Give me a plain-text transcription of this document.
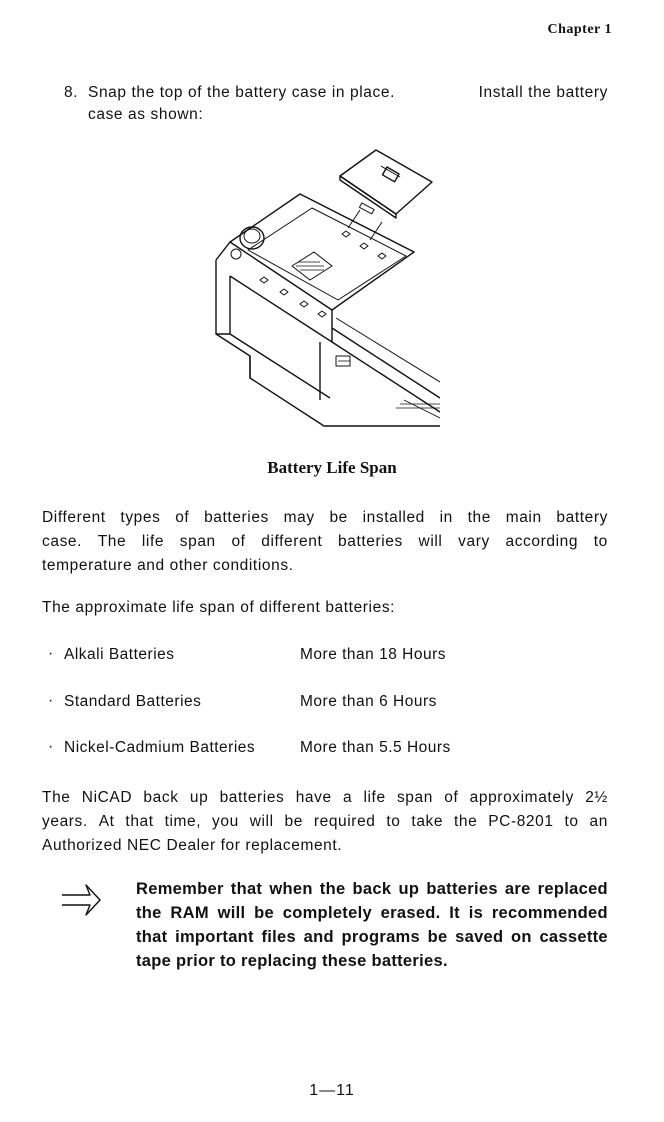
Chapter 1
8. Snap the top of the battery case in place.	Install the battery
case as shown:
Battery Life Span
Different types of batteries may be installed in the main battery
case. The life span of different batteries will vary according to
temperature and other conditions.
The approximate life span of different batteries:
· Alkali Batteries	More than 18 Hours
· Standard Batteries	More than 6 Hours
· Nickel-Cadmium Batteries	More than 5.5 Hours
The NiCAD back up batteries have a life span of approximately 2½
years. At that time, you will be required to take the PC-8201 to an
Authorized NEC Dealer for replacement.
Remember that when the back up batteries are replaced
the RAM will be completely erased. It is recommended
that important files and programs be saved on cassette
tape prior to replacing these batteries.
1—11
